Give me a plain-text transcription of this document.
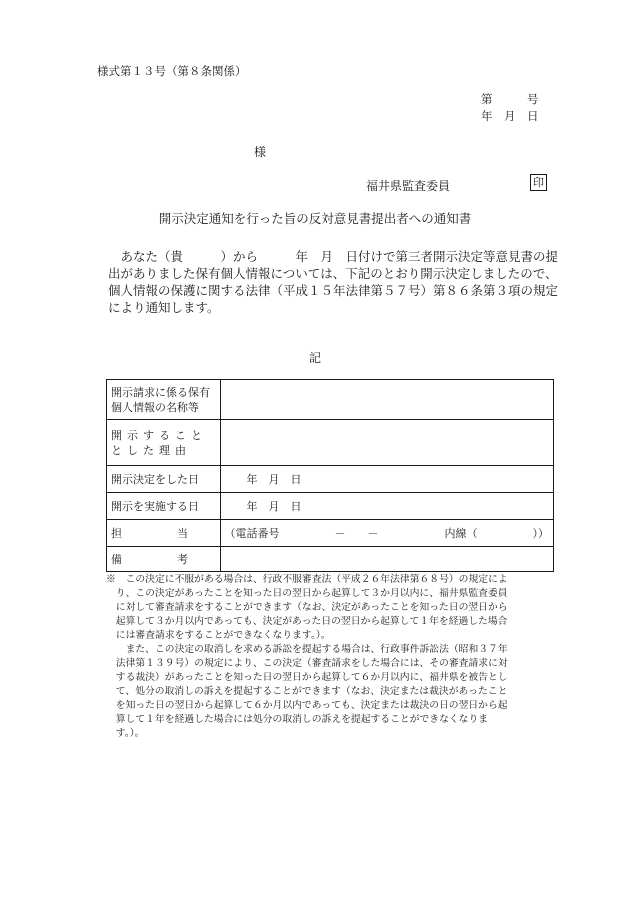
様式第１３号（第８条関係）
第　　　号
年　月　日
様
福井県監査委員	印
開示決定通知を行った旨の反対意見書提出者への通知書
　あなた（貴　　　）から　　　年　月　日付けで第三者開示決定等意見書の提
出がありました保有個人情報については、下記のとおり開示決定しましたので、
個人情報の保護に関する法律（平成１５年法律第５７号）第８６条第３項の規定
により通知します。
記
開示請求に係る保有
個人情報の名称等	

開示すること
とした理由	

開示決定をした日	　　年　月　日
開示を実施する日	　　年　月　日
担　　　　　当	（電話番号　　　　　－　　－　　　　　　内線（　　　　　））
備　　　　　考	
※　この決定に不服がある場合は、行政不服審査法（平成２６年法律第６８号）の規定によ
　り、この決定があったことを知った日の翌日から起算して３か月以内に、福井県監査委員
　に対して審査請求をすることができます（なお、決定があったことを知った日の翌日から
　起算して３か月以内であっても、決定があった日の翌日から起算して１年を経過した場合
　には審査請求をすることができなくなります。）。
　　また、この決定の取消しを求める訴訟を提起する場合は、行政事件訴訟法（昭和３７年
　法律第１３９号）の規定により、この決定（審査請求をした場合には、その審査請求に対
　する裁決）があったことを知った日の翌日から起算して６か月以内に、福井県を被告とし
　て、処分の取消しの訴えを提起することができます（なお、決定または裁決があったこと
　を知った日の翌日から起算して６か月以内であっても、決定または裁決の日の翌日から起
　算して１年を経過した場合には処分の取消しの訴えを提起することができなくなりま
　す。）。
